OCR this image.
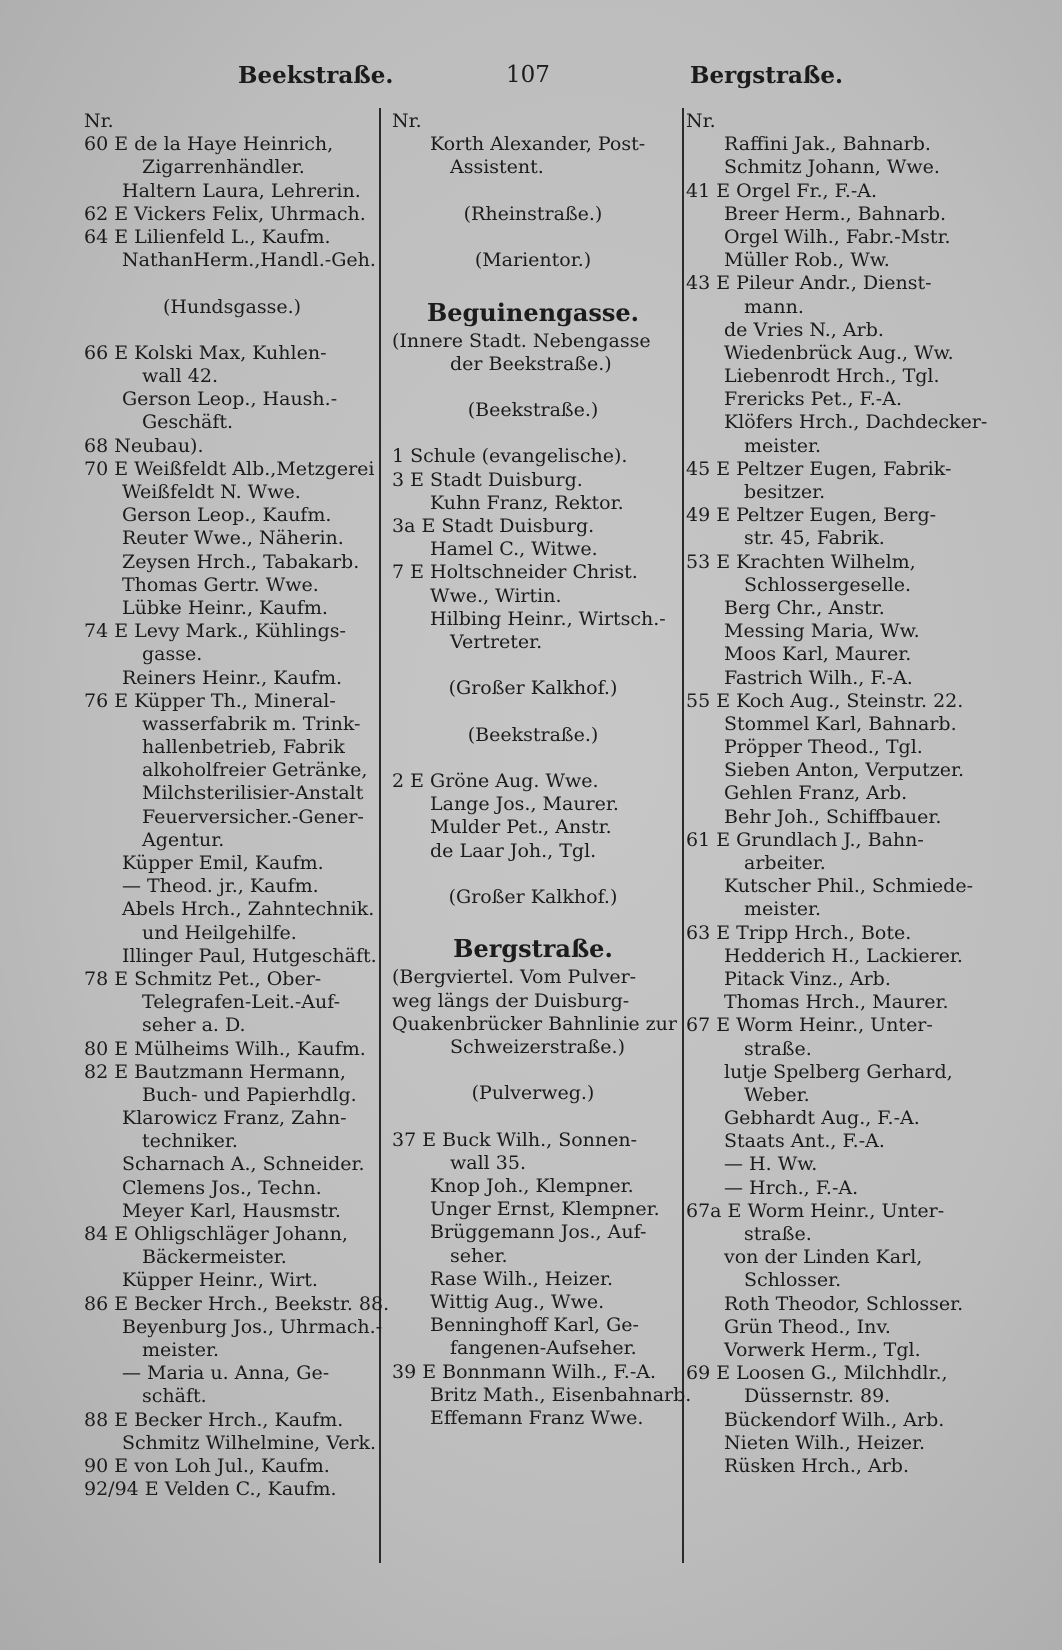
Beekstraße.	107	Bergstraße.
Nr.
60 E de la Haye Heinrich,
Zigarrenhändler.
Haltern Laura, Lehrerin.
62 E Vickers Felix, Uhrmach.
64 E Lilienfeld L., Kaufm.
NathanHerm.,Handl.-Geh.
(Hundsgasse.)
66 E Kolski Max, Kuhlen-
wall 42.
Gerson Leop., Haush.-
Geschäft.
68 Neubau).
70 E Weißfeldt Alb.,Metzgerei
Weißfeldt N. Wwe.
Gerson Leop., Kaufm.
Reuter Wwe., Näherin.
Zeysen Hrch., Tabakarb.
Thomas Gertr. Wwe.
Lübke Heinr., Kaufm.
74 E Levy Mark., Kühlings-
gasse.
Reiners Heinr., Kaufm.
76 E Küpper Th., Mineral-
wasserfabrik m. Trink-
hallenbetrieb, Fabrik
alkoholfreier Getränke,
Milchsterilisier-Anstalt
Feuerversicher.-Gener-
Agentur.
Küpper Emil, Kaufm.
— Theod. jr., Kaufm.
Abels Hrch., Zahntechnik.
und Heilgehilfe.
Illinger Paul, Hutgeschäft.
78 E Schmitz Pet., Ober-
Telegrafen-Leit.-Auf-
seher a. D.
80 E Mülheims Wilh., Kaufm.
82 E Bautzmann Hermann,
Buch- und Papierhdlg.
Klarowicz Franz, Zahn-
techniker.
Scharnach A., Schneider.
Clemens Jos., Techn.
Meyer Karl, Hausmstr.
84 E Ohligschläger Johann,
Bäckermeister.
Küpper Heinr., Wirt.
86 E Becker Hrch., Beekstr. 88.
Beyenburg Jos., Uhrmach.-
meister.
— Maria u. Anna, Ge-
schäft.
88 E Becker Hrch., Kaufm.
Schmitz Wilhelmine, Verk.
90 E von Loh Jul., Kaufm.
92/94 E Velden C., Kaufm.
Nr.
Korth Alexander, Post-
Assistent.
(Rheinstraße.)
(Marientor.)
Beguinengasse.
(Innere Stadt. Nebengasse
der Beekstraße.)
(Beekstraße.)
1 Schule (evangelische).
3 E Stadt Duisburg.
Kuhn Franz, Rektor.
3a E Stadt Duisburg.
Hamel C., Witwe.
7 E Holtschneider Christ.
Wwe., Wirtin.
Hilbing Heinr., Wirtsch.-
Vertreter.
(Großer Kalkhof.)
(Beekstraße.)
2 E Gröne Aug. Wwe.
Lange Jos., Maurer.
Mulder Pet., Anstr.
de Laar Joh., Tgl.
(Großer Kalkhof.)
Bergstraße.
(Bergviertel. Vom Pulver-
weg längs der Duisburg-
Quakenbrücker Bahnlinie zur
Schweizerstraße.)
(Pulverweg.)
37 E Buck Wilh., Sonnen-
wall 35.
Knop Joh., Klempner.
Unger Ernst, Klempner.
Brüggemann Jos., Auf-
seher.
Rase Wilh., Heizer.
Wittig Aug., Wwe.
Benninghoff Karl, Ge-
fangenen-Aufseher.
39 E Bonnmann Wilh., F.-A.
Britz Math., Eisenbahnarb.
Effemann Franz Wwe.
Nr.
Raffini Jak., Bahnarb.
Schmitz Johann, Wwe.
41 E Orgel Fr., F.-A.
Breer Herm., Bahnarb.
Orgel Wilh., Fabr.-Mstr.
Müller Rob., Ww.
43 E Pileur Andr., Dienst-
mann.
de Vries N., Arb.
Wiedenbrück Aug., Ww.
Liebenrodt Hrch., Tgl.
Frericks Pet., F.-A.
Klöfers Hrch., Dachdecker-
meister.
45 E Peltzer Eugen, Fabrik-
besitzer.
49 E Peltzer Eugen, Berg-
str. 45, Fabrik.
53 E Krachten Wilhelm,
Schlossergeselle.
Berg Chr., Anstr.
Messing Maria, Ww.
Moos Karl, Maurer.
Fastrich Wilh., F.-A.
55 E Koch Aug., Steinstr. 22.
Stommel Karl, Bahnarb.
Pröpper Theod., Tgl.
Sieben Anton, Verputzer.
Gehlen Franz, Arb.
Behr Joh., Schiffbauer.
61 E Grundlach J., Bahn-
arbeiter.
Kutscher Phil., Schmiede-
meister.
63 E Tripp Hrch., Bote.
Hedderich H., Lackierer.
Pitack Vinz., Arb.
Thomas Hrch., Maurer.
67 E Worm Heinr., Unter-
straße.
lutje Spelberg Gerhard,
Weber.
Gebhardt Aug., F.-A.
Staats Ant., F.-A.
— H. Ww.
— Hrch., F.-A.
67a E Worm Heinr., Unter-
straße.
von der Linden Karl,
Schlosser.
Roth Theodor, Schlosser.
Grün Theod., Inv.
Vorwerk Herm., Tgl.
69 E Loosen G., Milchhdlr.,
Düssernstr. 89.
Bückendorf Wilh., Arb.
Nieten Wilh., Heizer.
Rüsken Hrch., Arb.
